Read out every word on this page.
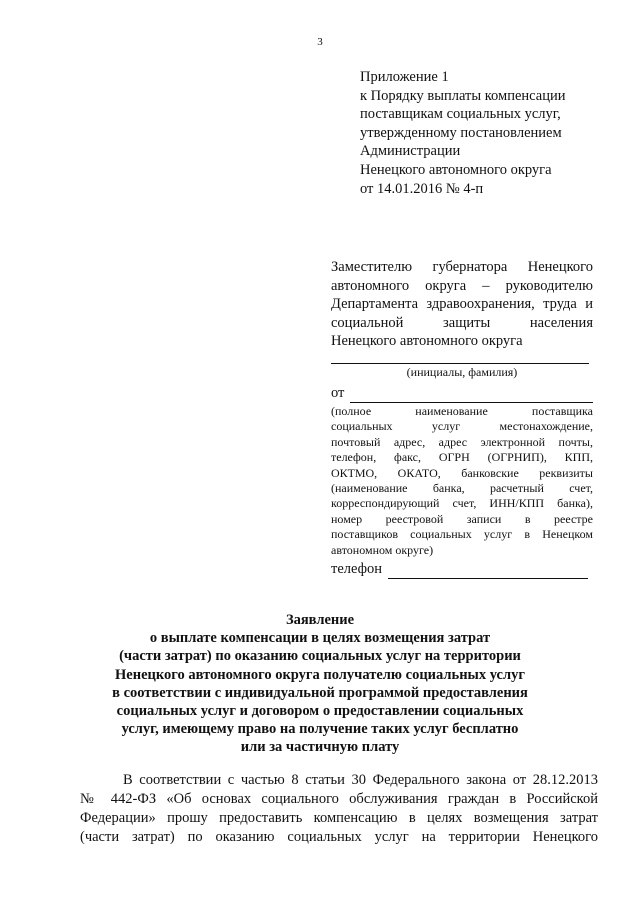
3
Приложение 1
к Порядку выплаты компенсации
поставщикам социальных услуг,
утвержденному постановлением
Администрации
Ненецкого автономного округа
от 14.01.2016 № 4-п
Заместителю губернатора Ненецкого
автономного округа – руководителю
Департамента здравоохранения, труда и
социальной защиты населения
Ненецкого автономного округа
(инициалы, фамилия)
от
(полное наименование поставщика
социальных услуг местонахождение,
почтовый адрес, адрес электронной почты,
телефон, факс, ОГРН (ОГРНИП), КПП,
ОКТМО, ОКАТО, банковские реквизиты
(наименование банка, расчетный счет,
корреспондирующий счет, ИНН/КПП банка),
номер реестровой записи в реестре
поставщиков социальных услуг в Ненецком
автономном округе)
телефон
Заявление
о выплате компенсации в целях возмещения затрат
(части затрат) по оказанию социальных услуг на территории
Ненецкого автономного округа получателю социальных услуг
в соответствии с индивидуальной программой предоставления
социальных услуг и договором о предоставлении социальных
услуг, имеющему право на получение таких услуг бесплатно
или за частичную плату
В соответствии с частью 8 статьи 30 Федерального закона от 28.12.2013
№ 442-ФЗ «Об основах социального обслуживания граждан в Российской
Федерации» прошу предоставить компенсацию в целях возмещения затрат
(части затрат) по оказанию социальных услуг на территории Ненецкого
